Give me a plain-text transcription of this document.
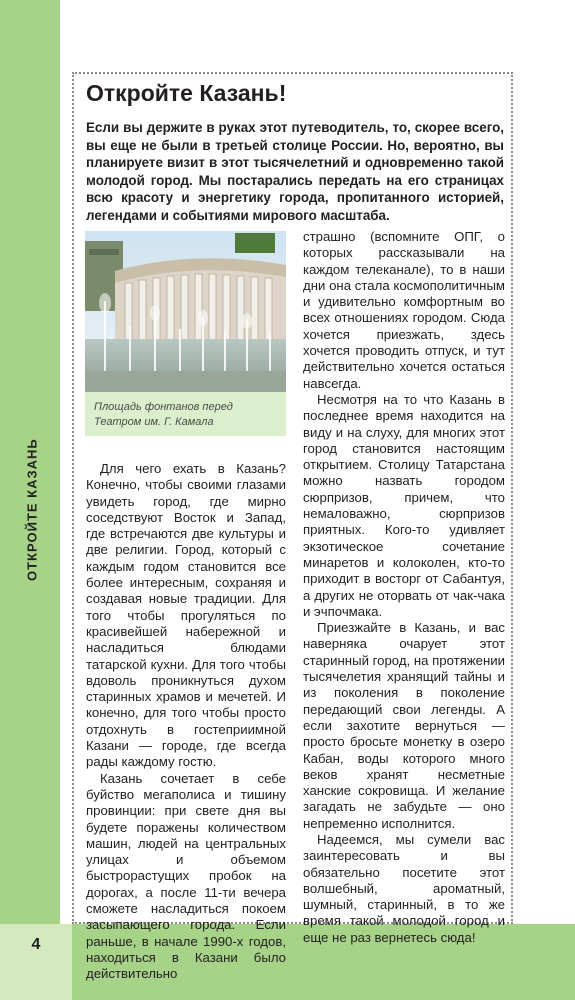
ОТКРОЙТЕ КАЗАНЬ
4
Откройте Казань!

Если вы держите в руках этот путеводитель, то, скорее всего, вы еще не были в третьей столице России. Но, вероятно, вы планируете визит в этот тысячелетний и одновременно такой молодой город. Мы постарались передать на его страницах всю красоту и энергетику города, пропитанного историей, легендами и событиями мирового масштаба.

Площадь фонтанов перед Театром им. Г. Камала

Для чего ехать в Казань? Конечно, чтобы своими глазами увидеть город, где мирно соседствуют Восток и Запад, где встречаются две культуры и две религии. Город, который с каждым годом становится все более интересным, сохраняя и создавая новые традиции. Для того чтобы прогуляться по красивейшей набережной и насладиться блюдами татарской кухни. Для того чтобы вдоволь проникнуться духом старинных храмов и мечетей. И конечно, для того чтобы просто отдохнуть в гостеприимной Казани — городе, где всегда рады каждому гостю.

Казань сочетает в себе буйство мегаполиса и тишину провинции: при свете дня вы будете поражены количеством машин, людей на центральных улицах и объемом быстрорастущих пробок на дорогах, а после 11-ти вечера сможете насладиться покоем засыпающего города. Если раньше, в начале 1990-х годов, находиться в Казани было действительно

страшно (вспомните ОПГ, о которых рассказывали на каждом телеканале), то в наши дни она стала космополитичным и удивительно комфортным во всех отношениях городом. Сюда хочется приезжать, здесь хочется проводить отпуск, и тут действительно хочется остаться навсегда.

Несмотря на то что Казань в последнее время находится на виду и на слуху, для многих этот город становится настоящим открытием. Столицу Татарстана можно назвать городом сюрпризов, причем, что немаловажно, сюрпризов приятных. Кого-то удивляет экзотическое сочетание минаретов и колоколен, кто-то приходит в восторг от Сабантуя, а других не оторвать от чак-чака и эчпочмака.

Приезжайте в Казань, и вас наверняка очарует этот старинный город, на протяжении тысячелетия хранящий тайны и из поколения в поколение передающий свои легенды. А если захотите вернуться — просто бросьте монетку в озеро Кабан, воды которого много веков хранят несметные ханские сокровища. И желание загадать не забудьте — оно непременно исполнится.

Надеемся, мы сумели вас заинтересовать и вы обязательно посетите этот волшебный, ароматный, шумный, старинный, в то же время такой молодой город и еще не раз вернетесь сюда!
